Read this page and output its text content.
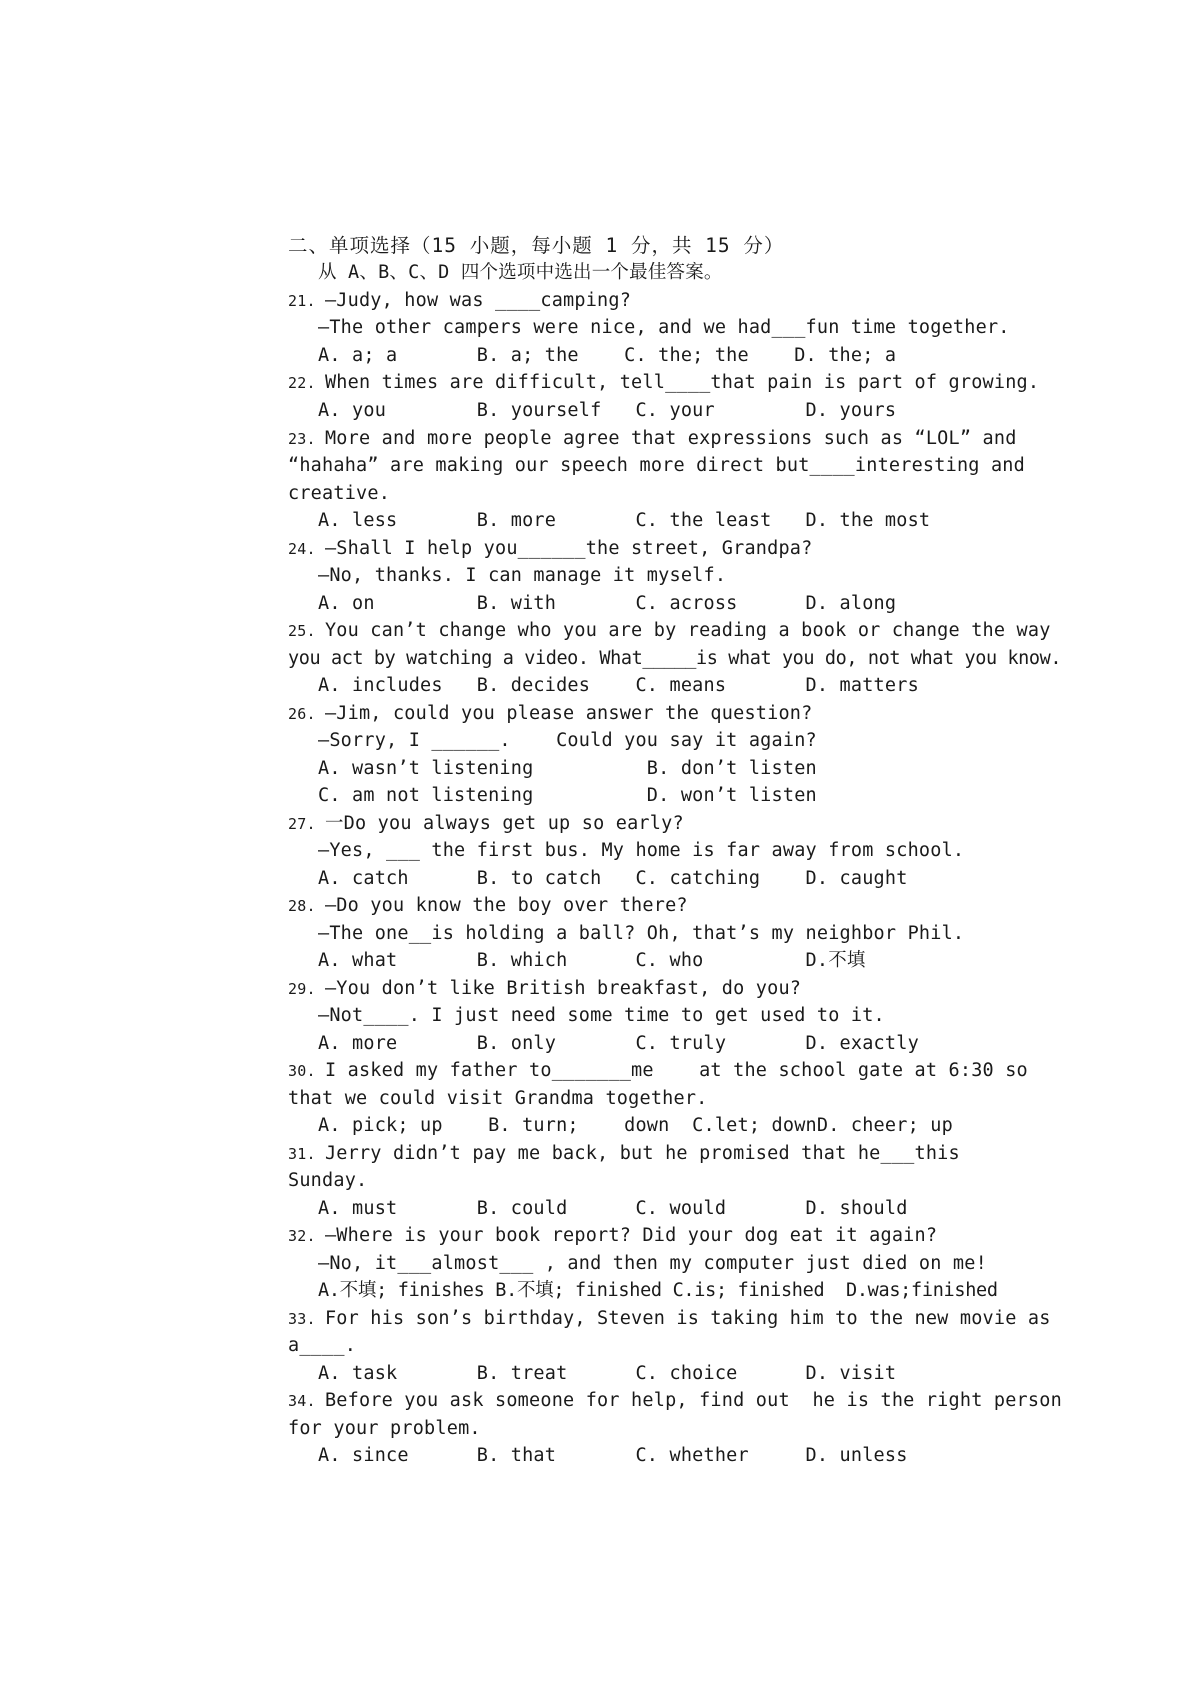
二、单项选择（15 小题，每小题 1 分，共 15 分）
从 A、B、C、D 四个选项中选出一个最佳答案。
21. —Judy, how was ____camping?
—The other campers were nice, and we had___fun time together.
A. a; a       B. a; the    C. the; the    D. the; a
22. When times are difficult, tell____that pain is part of growing.
A. you        B. yourself   C. your        D. yours
23. More and more people agree that expressions such as “LOL” and
“hahaha” are making our speech more direct but____interesting and
creative.
A. less       B. more       C. the least   D. the most
24. —Shall I help you______the street, Grandpa?
—No, thanks. I can manage it myself.
A. on         B. with       C. across      D. along
25. You can’t change who you are by reading a book or change the way
you act by watching a video. What_____is what you do, not what you know.
A. includes   B. decides    C. means       D. matters
26. —Jim, could you please answer the question?
—Sorry, I ______.    Could you say it again?
A. wasn’t listening          B. don’t listen
C. am not listening          D. won’t listen
27. 一Do you always get up so early?
—Yes, ___ the first bus. My home is far away from school.
A. catch      B. to catch   C. catching    D. caught
28. —Do you know the boy over there?
—The one__is holding a ball? Oh, that’s my neighbor Phil.
A. what       B. which      C. who         D.不填
29. —You don’t like British breakfast, do you?
—Not____. I just need some time to get used to it.
A. more       B. only       C. truly       D. exactly
30. I asked my father to_______me    at the school gate at 6:30 so
that we could visit Grandma together.
A. pick; up    B. turn;    down  C.let; downD. cheer; up
31. Jerry didn’t pay me back, but he promised that he___this
Sunday.
A. must       B. could      C. would       D. should
32. —Where is your book report? Did your dog eat it again?
—No, it___almost___ , and then my computer just died on me!
A.不填; finishes B.不填; finished C.is; finished  D.was;finished
33. For his son’s birthday, Steven is taking him to the new movie as
a____.
A. task       B. treat      C. choice      D. visit
34. Before you ask someone for help, find out  he is the right person
for your problem.
A. since      B. that       C. whether     D. unless
